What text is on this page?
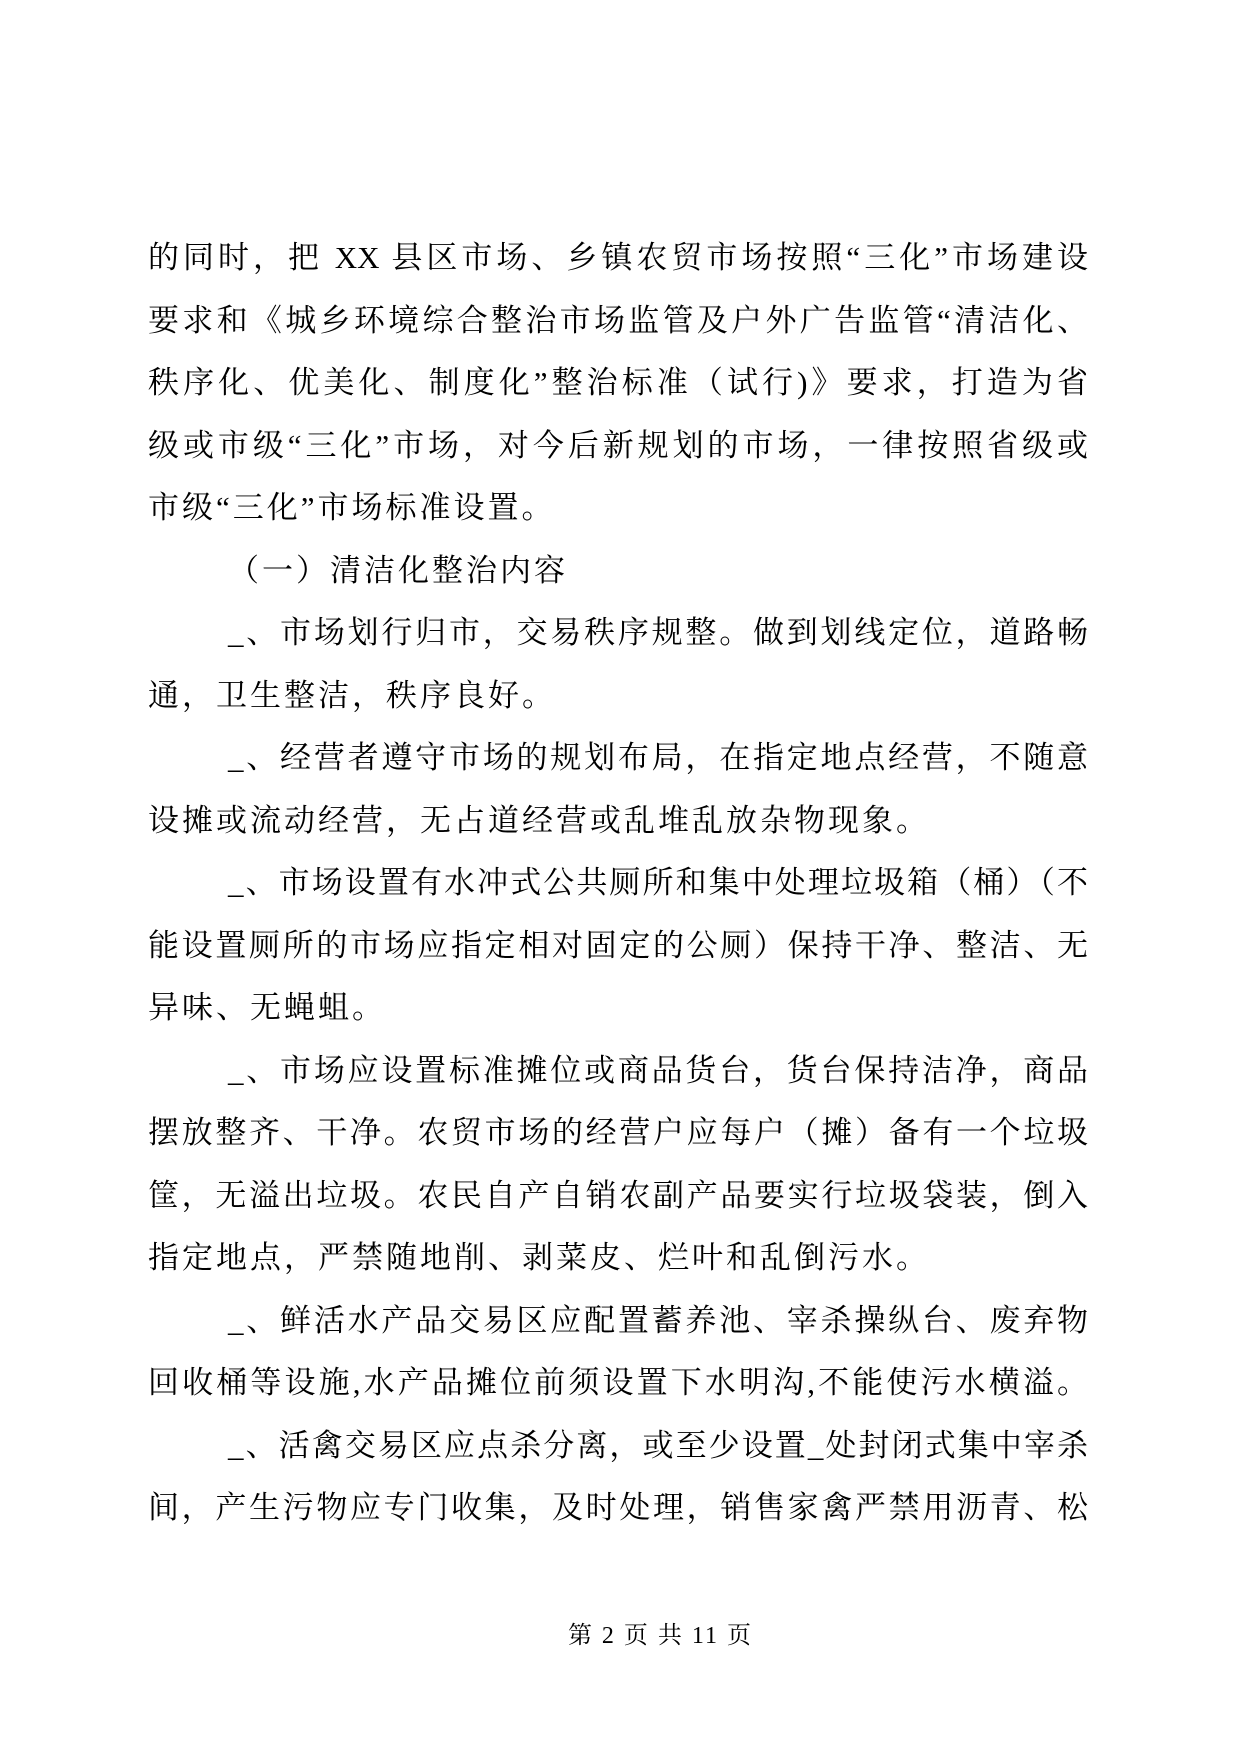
的同时，把 XX 县区市场、乡镇农贸市场按照“三化”市场建设
要求和《城乡环境综合整治市场监管及户外广告监管“清洁化、
秩序化、优美化、制度化”整治标准（试行)》要求，打造为省
级或市级“三化”市场，对今后新规划的市场，一律按照省级或
市级“三化”市场标准设置。
（一）清洁化整治内容
_、市场划行归市，交易秩序规整。做到划线定位，道路畅
通，卫生整洁，秩序良好。
_、经营者遵守市场的规划布局，在指定地点经营，不随意
设摊或流动经营，无占道经营或乱堆乱放杂物现象。
_、市场设置有水冲式公共厕所和集中处理垃圾箱（桶）（不
能设置厕所的市场应指定相对固定的公厕）保持干净、整洁、无
异味、无蝇蛆。
_、市场应设置标准摊位或商品货台，货台保持洁净，商品
摆放整齐、干净。农贸市场的经营户应每户（摊）备有一个垃圾
筐，无溢出垃圾。农民自产自销农副产品要实行垃圾袋装，倒入
指定地点，严禁随地削、剥菜皮、烂叶和乱倒污水。
_、鲜活水产品交易区应配置蓄养池、宰杀操纵台、废弃物
回收桶等设施,水产品摊位前须设置下水明沟,不能使污水横溢。
_、活禽交易区应点杀分离，或至少设置_处封闭式集中宰杀
间，产生污物应专门收集，及时处理，销售家禽严禁用沥青、松
第 2 页 共 11 页
